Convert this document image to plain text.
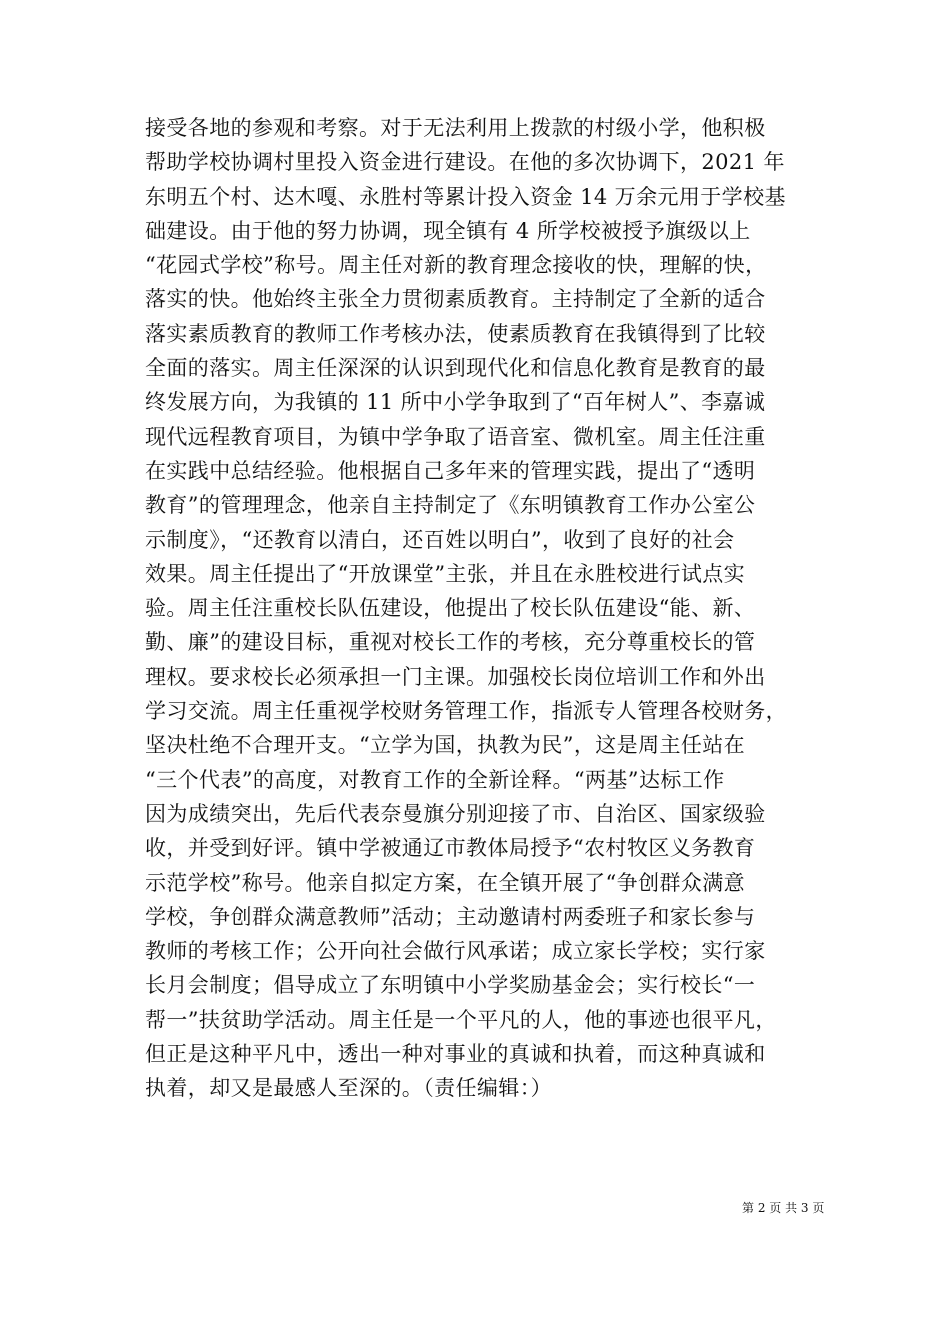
接受各地的参观和考察。对于无法利用上拨款的村级小学，他积极
帮助学校协调村里投入资金进行建设。在他的多次协调下，2021 年
东明五个村、达木嘎、永胜村等累计投入资金 14 万余元用于学校基
础建设。由于他的努力协调，现全镇有 4 所学校被授予旗级以上
“花园式学校”称号。周主任对新的教育理念接收的快，理解的快，
落实的快。他始终主张全力贯彻素质教育。主持制定了全新的适合
落实素质教育的教师工作考核办法，使素质教育在我镇得到了比较
全面的落实。周主任深深的认识到现代化和信息化教育是教育的最
终发展方向，为我镇的 11 所中小学争取到了“百年树人”、李嘉诚
现代远程教育项目，为镇中学争取了语音室、微机室。周主任注重
在实践中总结经验。他根据自己多年来的管理实践，提出了“透明
教育”的管理理念，他亲自主持制定了《东明镇教育工作办公室公
示制度》，“还教育以清白，还百姓以明白”，收到了良好的社会
效果。周主任提出了“开放课堂”主张，并且在永胜校进行试点实
验。周主任注重校长队伍建设，他提出了校长队伍建设“能、新、
勤、廉”的建设目标，重视对校长工作的考核，充分尊重校长的管
理权。要求校长必须承担一门主课。加强校长岗位培训工作和外出
学习交流。周主任重视学校财务管理工作，指派专人管理各校财务，
坚决杜绝不合理开支。“立学为国，执教为民”，这是周主任站在
“三个代表”的高度，对教育工作的全新诠释。“两基”达标工作
因为成绩突出，先后代表奈曼旗分别迎接了市、自治区、国家级验
收，并受到好评。镇中学被通辽市教体局授予“农村牧区义务教育
示范学校”称号。他亲自拟定方案，在全镇开展了“争创群众满意
学校，争创群众满意教师”活动；主动邀请村两委班子和家长参与
教师的考核工作；公开向社会做行风承诺；成立家长学校；实行家
长月会制度；倡导成立了东明镇中小学奖励基金会；实行校长“一
帮一”扶贫助学活动。周主任是一个平凡的人，他的事迹也很平凡，
但正是这种平凡中，透出一种对事业的真诚和执着，而这种真诚和
执着，却又是最感人至深的。（责任编辑：）
第 2 页 共 3 页
